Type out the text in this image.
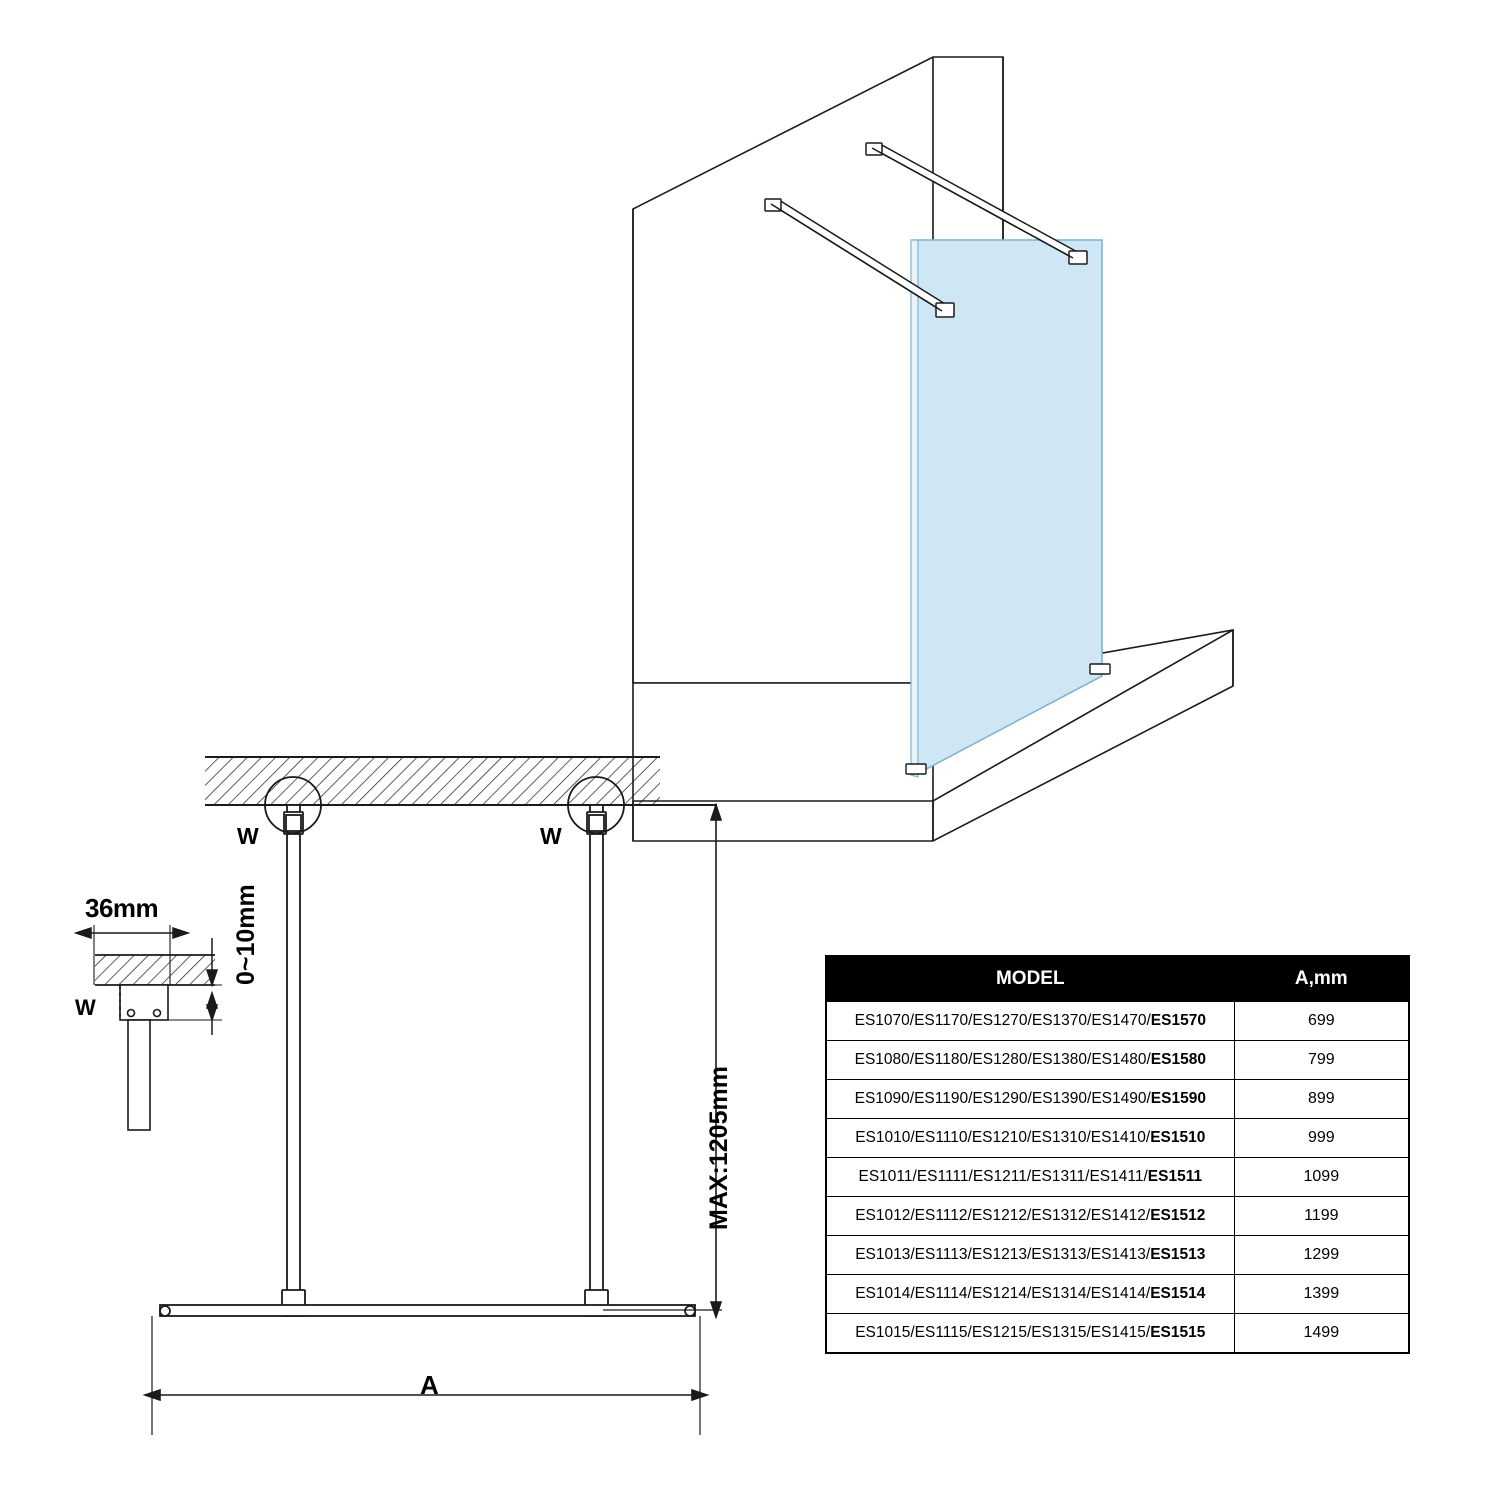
36mm
W
0~10mm
W	W
MAX:1205mm
A
MODEL	A,mm
ES1070/ES1170/ES1270/ES1370/ES1470/ES1570	699
ES1080/ES1180/ES1280/ES1380/ES1480/ES1580	799
ES1090/ES1190/ES1290/ES1390/ES1490/ES1590	899
ES1010/ES1110/ES1210/ES1310/ES1410/ES1510	999
ES1011/ES1111/ES1211/ES1311/ES1411/ES1511	1099
ES1012/ES1112/ES1212/ES1312/ES1412/ES1512	1199
ES1013/ES1113/ES1213/ES1313/ES1413/ES1513	1299
ES1014/ES1114/ES1214/ES1314/ES1414/ES1514	1399
ES1015/ES1115/ES1215/ES1315/ES1415/ES1515	1499
